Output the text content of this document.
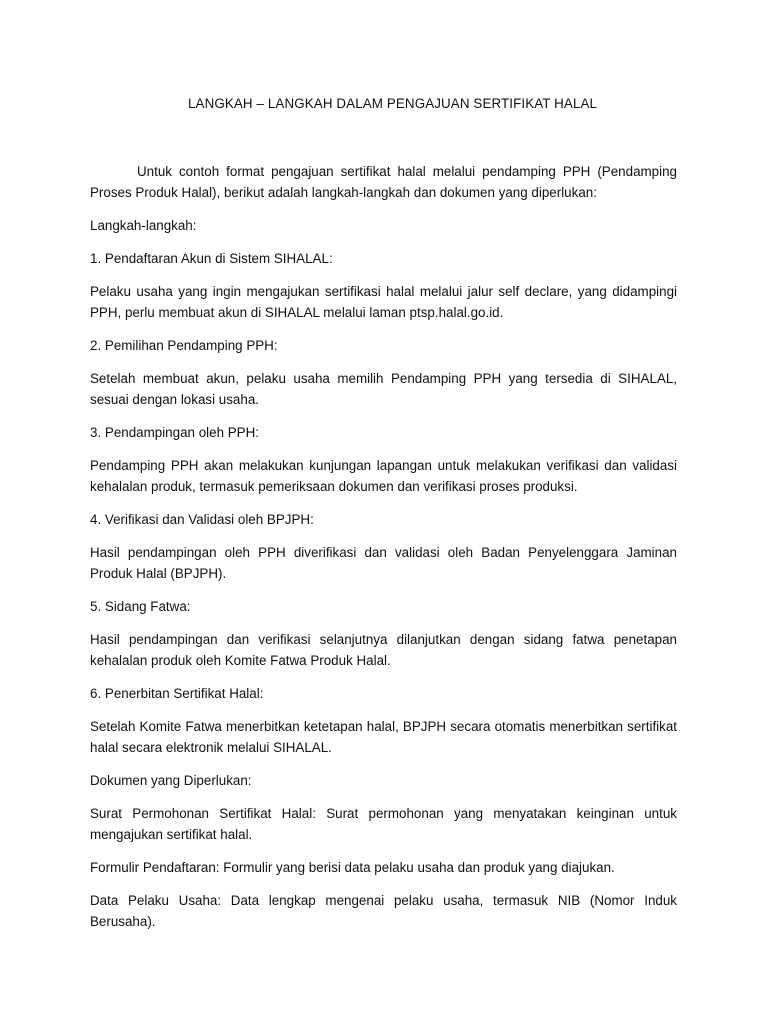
LANGKAH – LANGKAH DALAM PENGAJUAN SERTIFIKAT HALAL
Untuk contoh format pengajuan sertifikat halal melalui pendamping PPH (Pendamping Proses Produk Halal), berikut adalah langkah-langkah dan dokumen yang diperlukan:
Langkah-langkah:
1. Pendaftaran Akun di Sistem SIHALAL:
Pelaku usaha yang ingin mengajukan sertifikasi halal melalui jalur self declare, yang didampingi PPH, perlu membuat akun di SIHALAL melalui laman ptsp.halal.go.id.
2. Pemilihan Pendamping PPH:
Setelah membuat akun, pelaku usaha memilih Pendamping PPH yang tersedia di SIHALAL, sesuai dengan lokasi usaha.
3. Pendampingan oleh PPH:
Pendamping PPH akan melakukan kunjungan lapangan untuk melakukan verifikasi dan validasi kehalalan produk, termasuk pemeriksaan dokumen dan verifikasi proses produksi.
4. Verifikasi dan Validasi oleh BPJPH:
Hasil pendampingan oleh PPH diverifikasi dan validasi oleh Badan Penyelenggara Jaminan Produk Halal (BPJPH).
5. Sidang Fatwa:
Hasil pendampingan dan verifikasi selanjutnya dilanjutkan dengan sidang fatwa penetapan kehalalan produk oleh Komite Fatwa Produk Halal.
6. Penerbitan Sertifikat Halal:
Setelah Komite Fatwa menerbitkan ketetapan halal, BPJPH secara otomatis menerbitkan sertifikat halal secara elektronik melalui SIHALAL.
Dokumen yang Diperlukan:
Surat Permohonan Sertifikat Halal: Surat permohonan yang menyatakan keinginan untuk mengajukan sertifikat halal.
Formulir Pendaftaran: Formulir yang berisi data pelaku usaha dan produk yang diajukan.
Data Pelaku Usaha: Data lengkap mengenai pelaku usaha, termasuk NIB (Nomor Induk Berusaha).
